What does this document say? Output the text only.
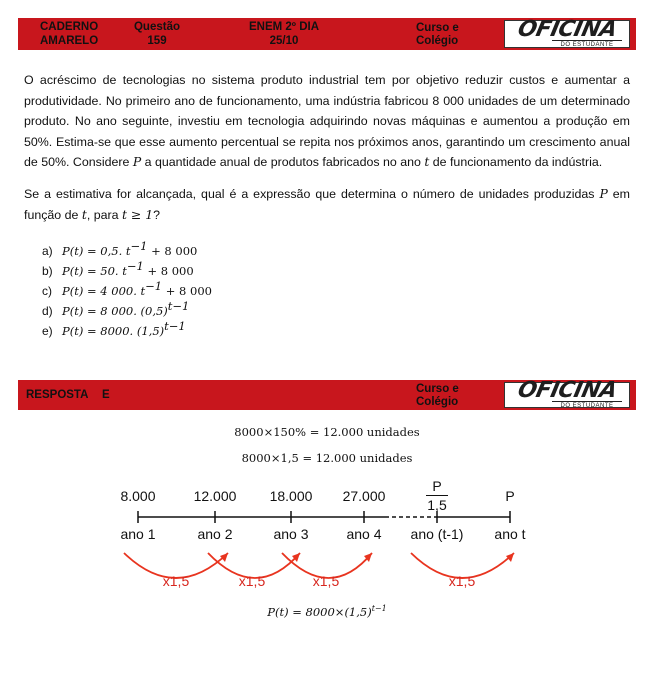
CADERNO
AMARELO
Questão
159
ENEM 2º DIA
25/10
Curso e
Colégio	OFICINA
DO ESTUDANTE

O acréscimo de tecnologias no sistema produto industrial tem por objetivo reduzir custos e aumentar a produtividade. No primeiro ano de funcionamento, uma indústria fabricou 8 000 unidades de um determinado produto. No ano seguinte, investiu em tecnologia adquirindo novas máquinas e aumentou a produção em 50%. Estima-se que esse aumento percentual se repita nos próximos anos, garantindo um crescimento anual de 50%. Considere P a quantidade anual de produtos fabricados no ano t de funcionamento da indústria.

Se a estimativa for alcançada, qual é a expressão que determina o número de unidades produzidas P em função de t, para t ≥ 1?

a) P(t) = 0,5. $t^{-1} + 8$ 000
b) P(t) = 50. $t^{-1} + 8$ 000
c) P(t) = 4 000. $t^{-1} + 8$ 000
d) P(t) = 8 000. $(0,5)^{t-1}$
e) P(t) = 8000. $(1,5)^{t-1}$
RESPOSTA E	Curso e
Colégio	OFICINA
DO ESTUDANTE
8000×150% = 12.000 unidades
8000×1,5 = 12.000 unidades
8.000	12.000	18.000	27.000
P
1,5
P
ano 1	ano 2	ano 3	ano 4	ano (t-1)	ano t
x1,5	x1,5	x1,5	x1,5
$P(t) = 8000\times(1,5)^{t-1}$
